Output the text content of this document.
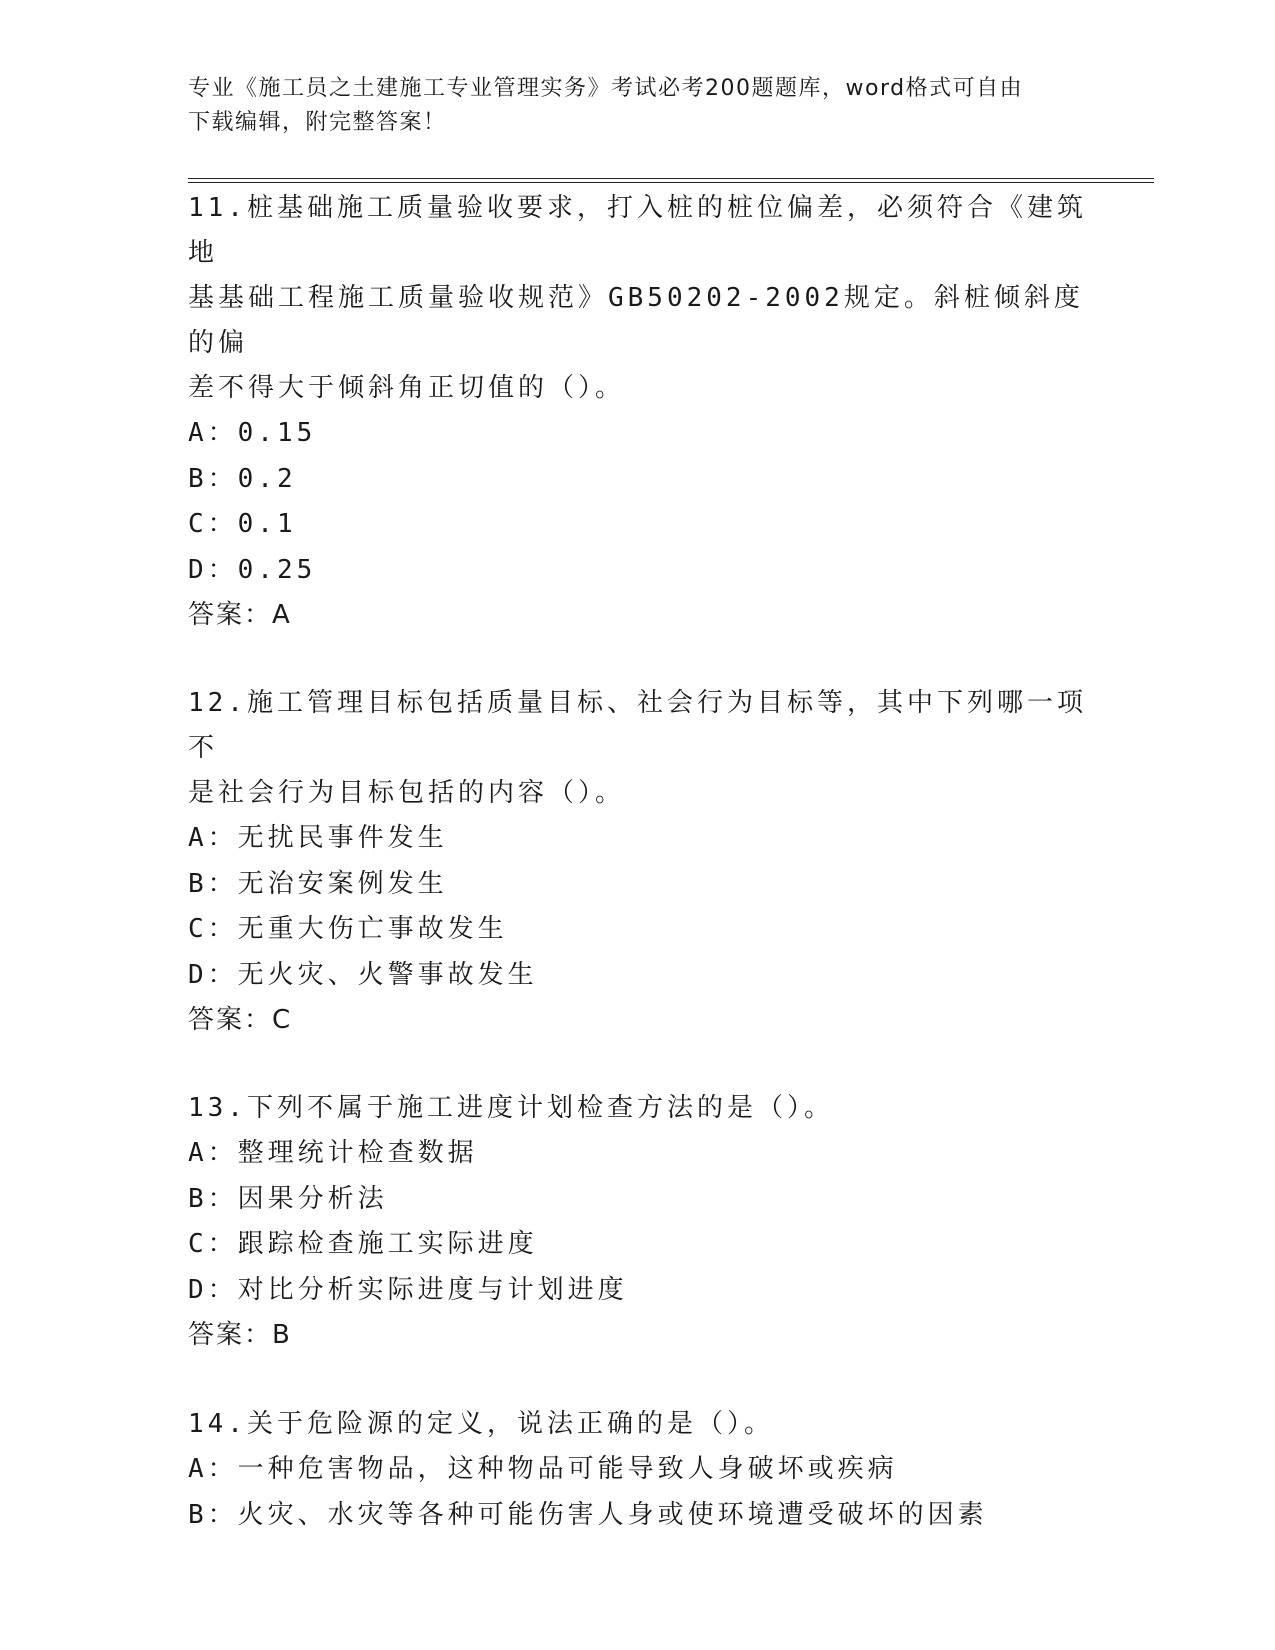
专业《施工员之土建施工专业管理实务》考试必考200题题库，word格式可自由
下载编辑，附完整答案！

11.桩基础施工质量验收要求，打入桩的桩位偏差，必须符合《建筑地

基基础工程施工质量验收规范》GB50202-2002规定。斜桩倾斜度的偏

差不得大于倾斜角正切值的（）。

A：0.15

B：0.2

C：0.1

D：0.25

答案：A

12.施工管理目标包括质量目标、社会行为目标等，其中下列哪一项不

是社会行为目标包括的内容（）。

A：无扰民事件发生

B：无治安案例发生

C：无重大伤亡事故发生

D：无火灾、火警事故发生

答案：C

13.下列不属于施工进度计划检查方法的是（）。

A：整理统计检查数据

B：因果分析法

C：跟踪检查施工实际进度

D：对比分析实际进度与计划进度

答案：B

14.关于危险源的定义，说法正确的是（）。

A：一种危害物品，这种物品可能导致人身破坏或疾病

B：火灾、水灾等各种可能伤害人身或使环境遭受破坏的因素
